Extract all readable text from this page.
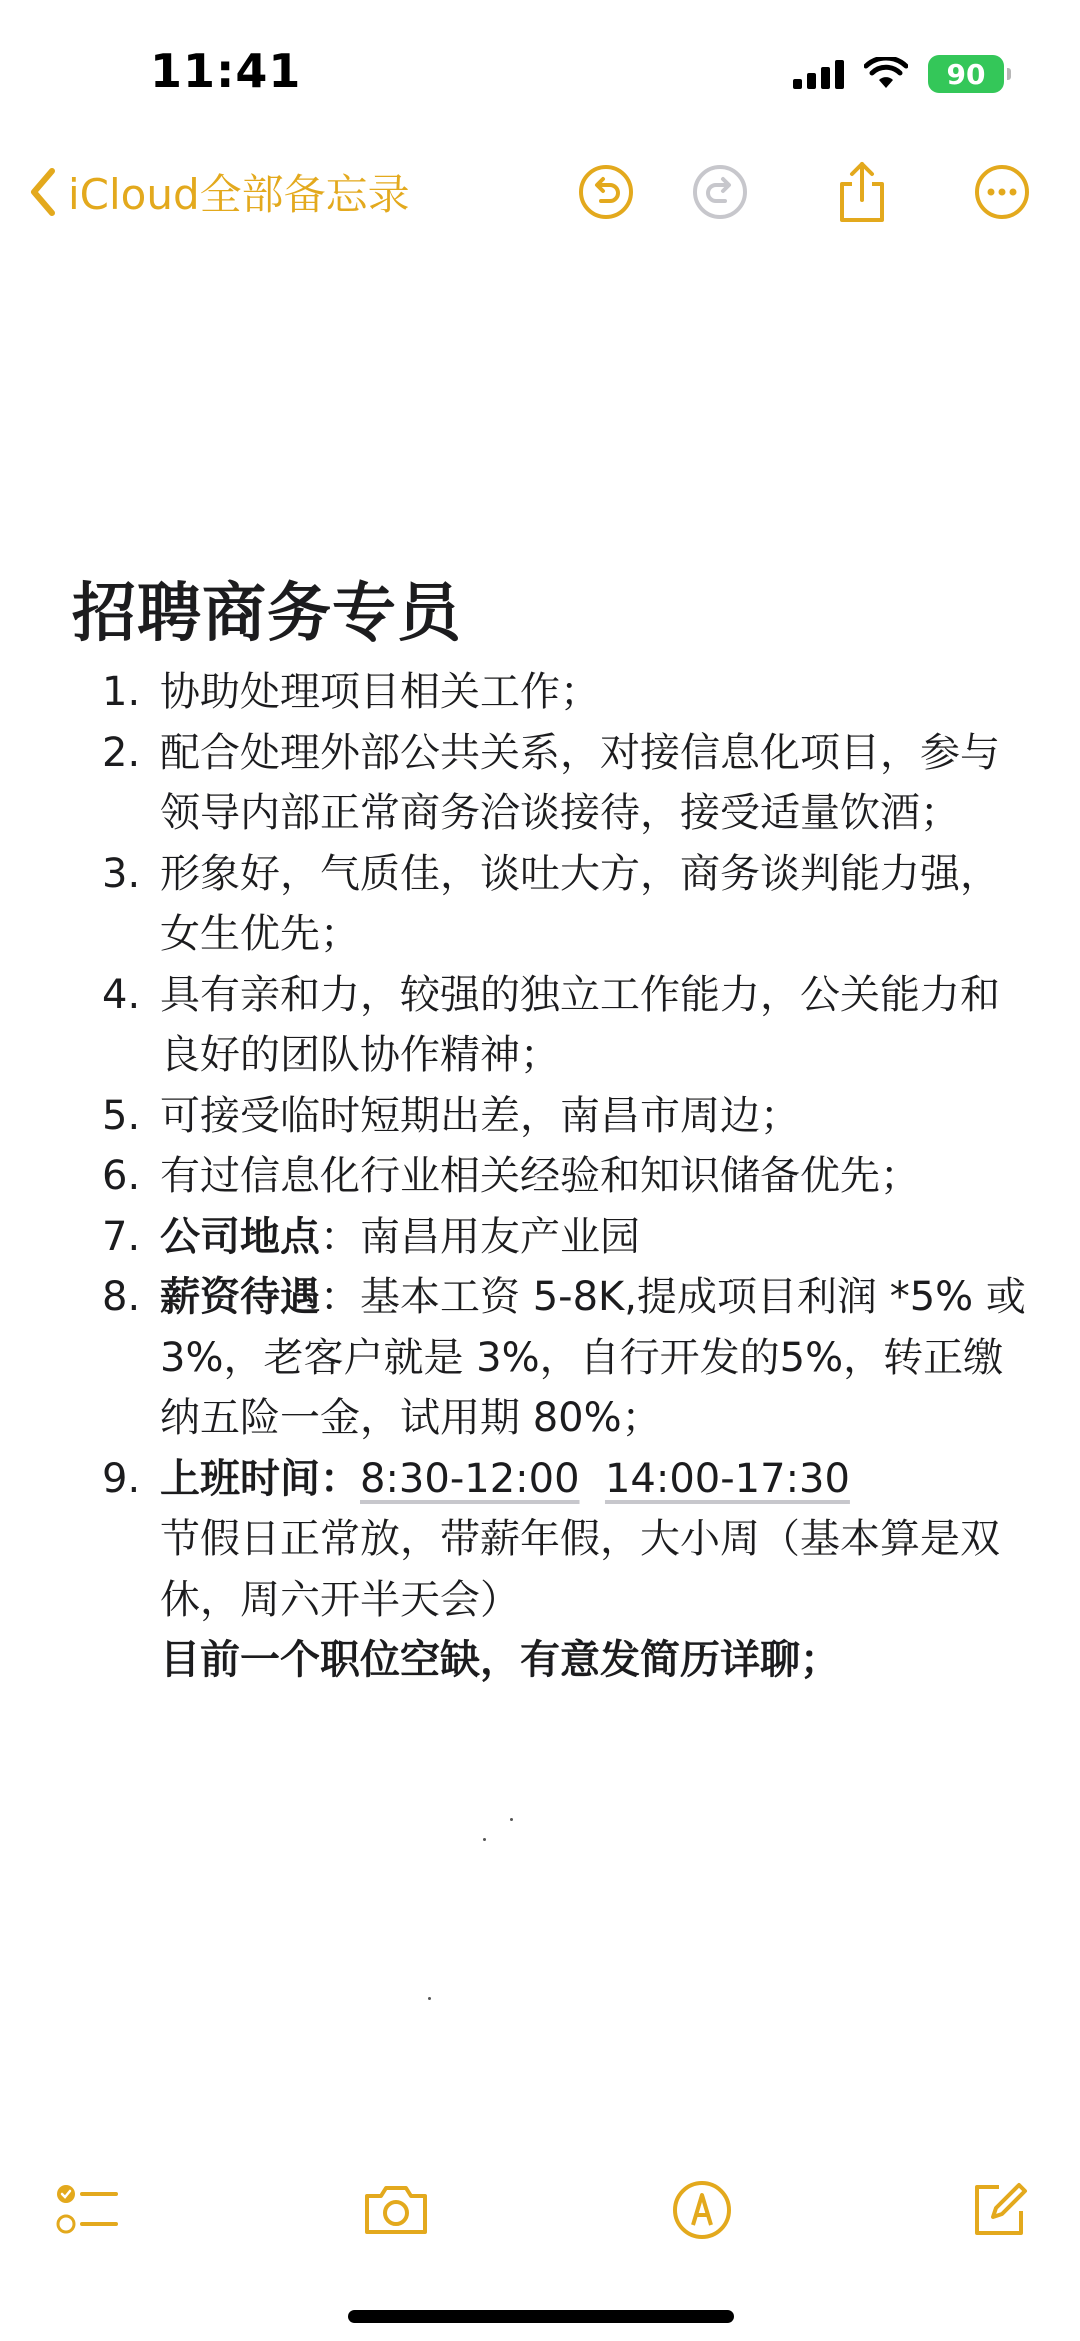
11:41	90
iCloud全部备忘录
招聘商务专员
1. 协助处理项目相关工作；
2. 配合处理外部公共关系，对接信息化项目，参与领导内部正常商务洽谈接待，接受适量饮酒；
3. 形象好，气质佳，谈吐大方，商务谈判能力强，女生优先；
4. 具有亲和力，较强的独立工作能力，公关能力和良好的团队协作精神；
5. 可接受临时短期出差，南昌市周边；
6. 有过信息化行业相关经验和知识储备优先；
7. 公司地点：南昌用友产业园
8. 薪资待遇：基本工资 5-8K,提成项目利润 *5% 或 3%，老客户就是 3%，自行开发的5%，转正缴纳五险一金，试用期 80%；
9. 上班时间：8:30-12:00 14:00-17:30
节假日正常放，带薪年假，大小周（基本算是双休，周六开半天会）
目前一个职位空缺，有意发简历详聊；
